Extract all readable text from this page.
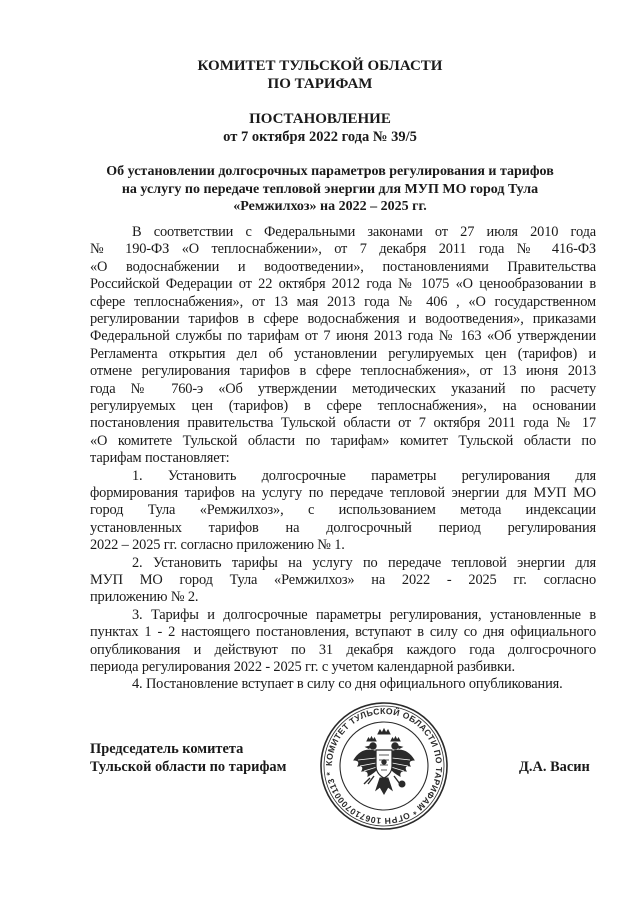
КОМИТЕТ ТУЛЬСКОЙ ОБЛАСТИ

ПО ТАРИФАМ

ПОСТАНОВЛЕНИЕ

от 7 октября 2022 года № 39/5

Об установлении долгосрочных параметров регулирования и тарифов

на услугу по передаче тепловой энергии для МУП МО город Тула

«Ремжилхоз» на 2022 – 2025 гг.

В соответствии с Федеральными законами от 27 июля 2010 года
№ 190-ФЗ «О теплоснабжении», от 7 декабря 2011 года № 416-ФЗ
«О водоснабжении и водоотведении», постановлениями Правительства
Российской Федерации от 22 октября 2012 года № 1075 «О ценообразовании в
сфере теплоснабжения», от 13 мая 2013 года № 406 , «О государственном
регулировании тарифов в сфере водоснабжения и водоотведения», приказами
Федеральной службы по тарифам от 7 июня 2013 года № 163 «Об утверждении
Регламента открытия дел об установлении регулируемых цен (тарифов) и
отмене регулирования тарифов в сфере теплоснабжения», от 13 июня 2013
года № 760-э «Об утверждении методических указаний по расчету
регулируемых цен (тарифов) в сфере теплоснабжения», на основании
постановления правительства Тульской области от 7 октября 2011 года № 17
«О комитете Тульской области по тарифам» комитет Тульской области по
тарифам постановляет:
1. Установить долгосрочные параметры регулирования для
формирования тарифов на услугу по передаче тепловой энергии для МУП МО
город Тула «Ремжилхоз», с использованием метода индексации
установленных тарифов на долгосрочный период регулирования
2022 – 2025 гг. согласно приложению № 1.
2. Установить тарифы на услугу по передаче тепловой энергии для
МУП МО город Тула «Ремжилхоз» на 2022 - 2025 гг. согласно
приложению № 2.
3. Тарифы и долгосрочные параметры регулирования, установленные в
пунктах 1 - 2 настоящего постановления, вступают в силу со дня официального
опубликования и действуют по 31 декабря каждого года долгосрочного
периода регулирования 2022 - 2025 гг. с учетом календарной разбивки.
4. Постановление вступает в силу со дня официального опубликования.

Председатель комитета
Тульской области по тарифам	Д.А. Васин

КОМИТЕТ ТУЛЬСКОЙ ОБЛАСТИ ПО ТАРИФАМ * ОГРН 1067107000113 *
